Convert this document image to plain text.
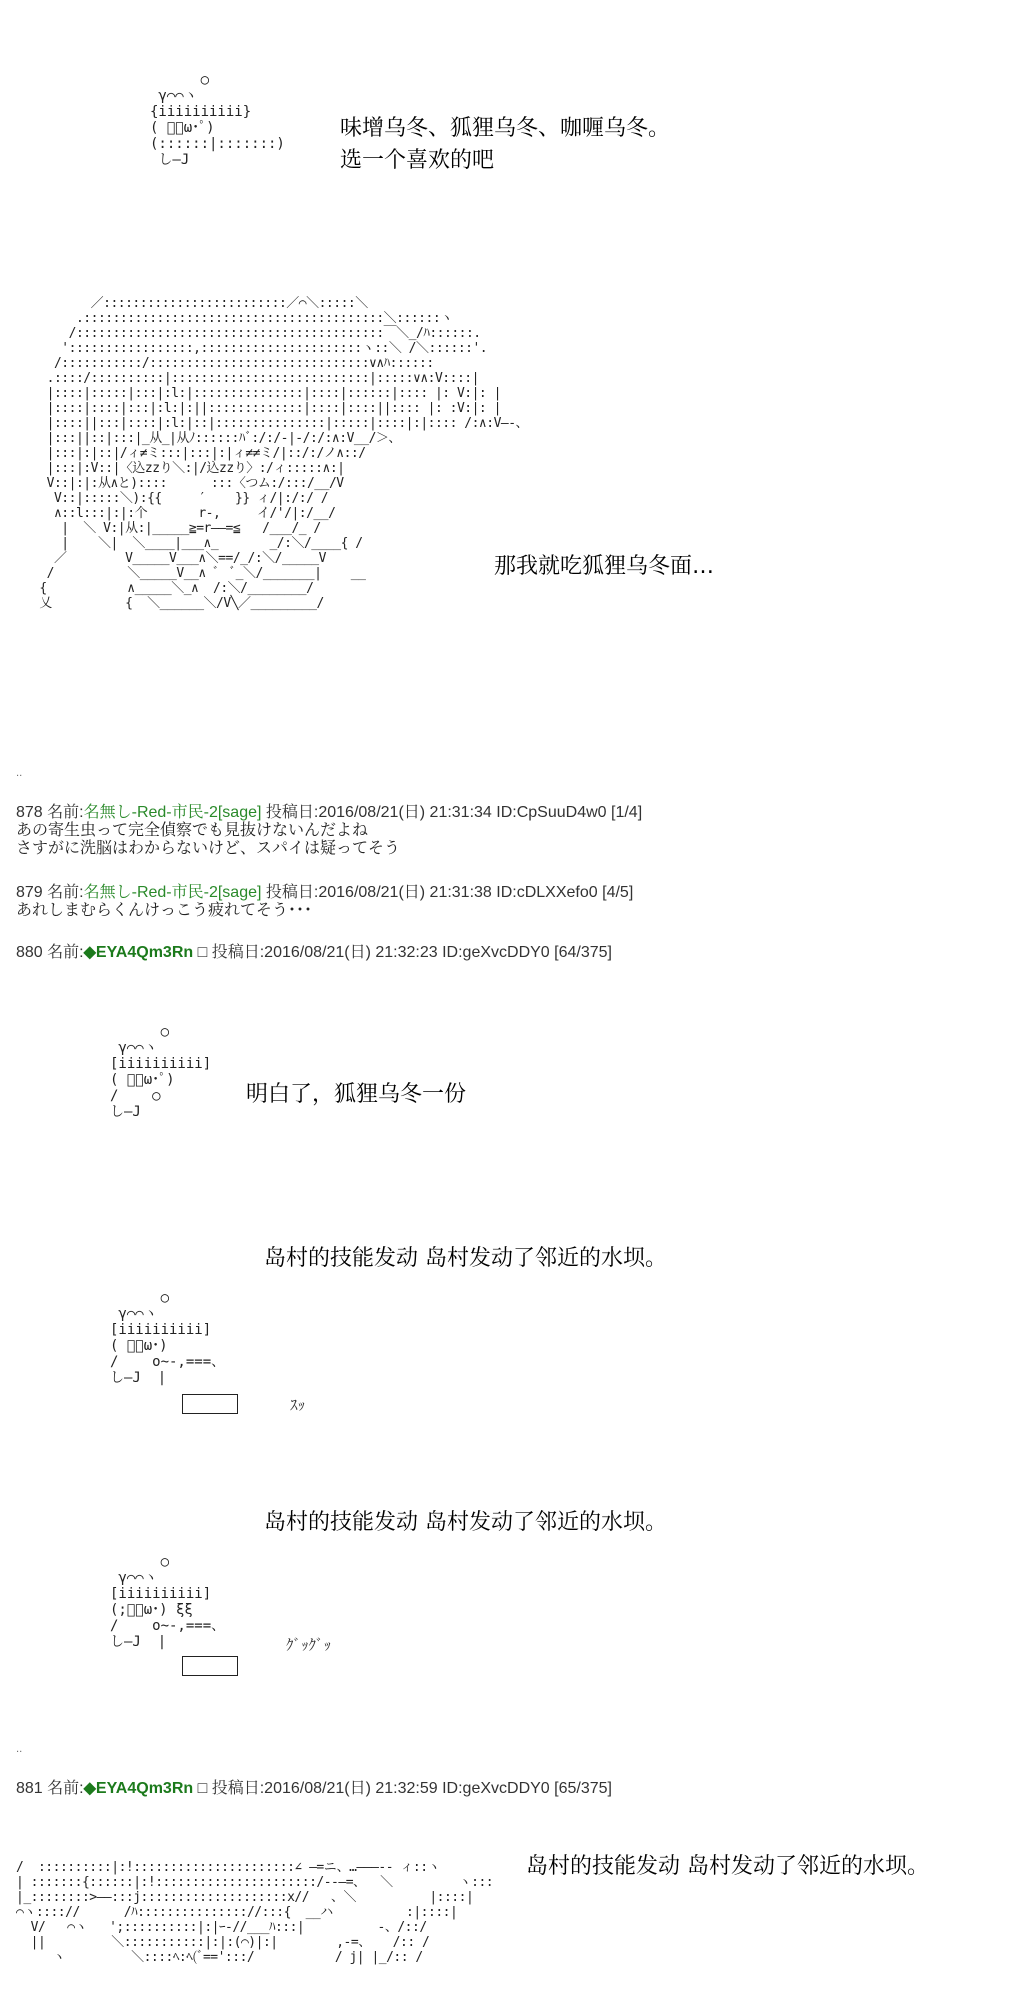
○
γ⌒⌒ヽ
{iiiiiiiiii}
( ﾟ･ω･ﾟ)
(::::::|:::::::)
し―J
味增乌冬、狐狸乌冬、咖喱乌冬。
选一个喜欢的吧
／:::::::::::::::::::::::::／⌒＼:::::＼
.:::::::::::::::::::::::::::::::::::::::::＼::::::ヽ
/::::::::::::::::::::::::::::::::::::::::::￣＼_/ﾊ::::::.
':::::::::::::::::,::::::::::::::::::::::ヽ::＼ /＼::::::'.
/:::::::::::/::::::::::::::::::::::::::::::∨∧ﾊ::::::
.::::/::::::::::|:::::::::::::::::::::::::::|:::::∨∧:V::::|
|::::|:::::|:::|:l:|:::::::::::::::|::::|::::::|:::: |: V:|: |
|::::|::::|:::|:l:|:||:::::::::::::|::::|::::||:::: |: :V:|: |
|::::||:::|::::|:l:|::|:::::::::::::::|:::::|::::|:|:::: /:∧:V―-、
|:::||::|:::|_从_|从ﾉ::::::ﾊﾞ:/:/‐|‐/:/:∧:V__/＞、
|:::|:|::|/ィ≠ミ:::|:::|:|ィ≠≠ミ/|::/:/ノ∧::/
|:::|:V::|〈込zzり＼:|/込zzり〉:/ィ:::::∧:|
V::|:|:从∧と)::::      :::〈つム:/:::/__/V
V::|:::::＼):{{     ′    }} ィ/|:/:/ /
∧::l:::|:|:个       r-,     イ/'/|:/__/
|  ＼ V:|从:|_____≧=r――=≦   /___/_ /
|    ＼|  ＼____|___∧_       _/:＼/____{ /
／        V_____V___∧＼==/_/:＼/_____V
/          ＼_____V__∧ ﾞ  ﾞ_＼/_______|    __
{           ∧_____＼_∧  /:＼/________/
乂          {  ＼______＼/V╲／_________/
那我就吃狐狸乌冬面…
..
878 名前:名無し-Red-市民-2[sage] 投稿日:2016/08/21(日) 21:31:34 ID:CpSuuD4w0 [1/4]

あの寄生虫って完全偵察でも見抜けないんだよね
さすがに洗脳はわからないけど、スパイは疑ってそう
879 名前:名無し-Red-市民-2[sage] 投稿日:2016/08/21(日) 21:31:38 ID:cDLXXefo0 [4/5]

あれしまむらくんけっこう疲れてそう･･･
880 名前:◆EYA4Qm3Rn □ 投稿日:2016/08/21(日) 21:32:23 ID:geXvcDDY0 [64/375]
○
γ⌒⌒ヽ
[iiiiiiiiii]
( ﾟ･ω･ﾟ)
/    ○
し―J
明白了，狐狸乌冬一份
岛村的技能发动 岛村发动了邻近的水坝。
○
γ⌒⌒ヽ
[iiiiiiiiii]
( ﾟ･ω･)
/    o~-,===、
し―J  |
ｽｯ
岛村的技能发动 岛村发动了邻近的水坝。
○
γ⌒⌒ヽ
[iiiiiiiiii]
(;ﾟ･ω･) ξξ
/    o~-,===、
し―J  |	ｸﾞｯｸﾞｯ
..
881 名前:◆EYA4Qm3Rn □ 投稿日:2016/08/21(日) 21:32:59 ID:geXvcDDY0 [65/375]
/  ::::::::::|:!::::::::::::::::::::::∠ ―=ニ、…―――-- ィ::ヽ
| :::::::{::::::|:!::::::::::::::::::::::/--―=、  ＼         ヽ:::
|_::::::::>――:::j::::::::::::::::::::x//   、＼          |::::|
⌒ヽ:::://      /ﾊ::::::::::::::://:::{  __ハ          :|::::|
V/   ⌒ヽ   ';::::::::::|:|ｰ-//___ﾊ:::|          -、/::/
||         ＼:::::::::::|:|:(⌒)|:|        ,-=、   /:: /
ヽ         ＼::::ﾍ:ﾍ(ﾞ==':::/           / j| |_/:: /
岛村的技能发动 岛村发动了邻近的水坝。
